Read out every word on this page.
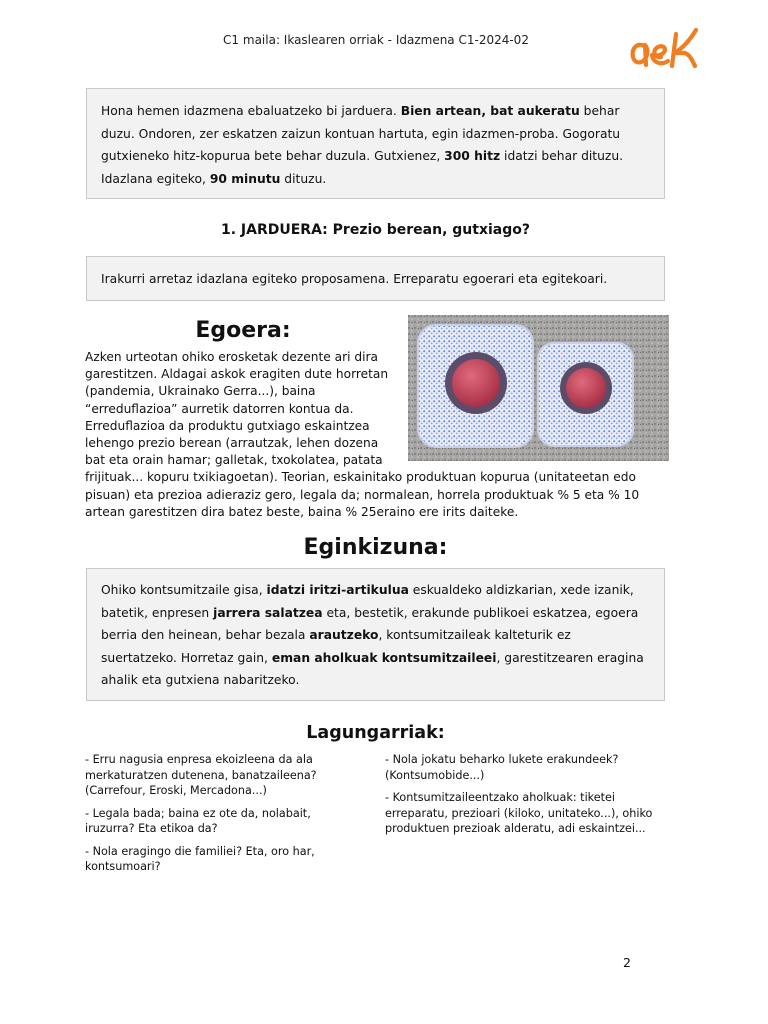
C1 maila: Ikaslearen orriak - Idazmena C1-2024-02

Hona hemen idazmena ebaluatzeko bi jarduera. Bien artean, bat aukeratu behar duzu. Ondoren, zer eskatzen zaizun kontuan hartuta, egin idazmen-proba. Gogoratu gutxieneko hitz-kopurua bete behar duzula. Gutxienez, 300 hitz idatzi behar dituzu. Idazlana egiteko, 90 minutu dituzu.

1. JARDUERA: Prezio berean, gutxiago?

Irakurri arretaz idazlana egiteko proposamena. Erreparatu egoerari eta egitekoari.

Egoera:

Azken urteotan ohiko erosketak dezente ari dira garestitzen. Aldagai askok eragiten dute horretan (pandemia, Ukrainako Gerra...), baina “erreduflazioa” aurretik datorren kontua da. Erreduflazioa da produktu gutxiago eskaintzea lehengo prezio berean (arrautzak, lehen dozena bat eta orain hamar; galletak, txokolatea, patata frijituak... kopuru txikiagoetan). Teorian, eskainitako produktuan kopurua (unitateetan edo pisuan) eta prezioa adieraziz gero, legala da; normalean, horrela produktuak % 5 eta % 10 artean garestitzen dira batez beste, baina % 25eraino ere irits daiteke.

Eginkizuna:

Ohiko kontsumitzaile gisa, idatzi iritzi-artikulua eskualdeko aldizkarian, xede izanik, batetik, enpresen jarrera salatzea eta, bestetik, erakunde publikoei eskatzea, egoera berria den heinean, behar bezala arautzeko, kontsumitzaileak kalteturik ez suertatzeko. Horretaz gain, eman aholkuak kontsumitzaileei, garestitzearen eragina ahalik eta gutxiena nabaritzeko.

Lagungarriak:

- Erru nagusia enpresa ekoizleena da ala merkaturatzen dutenena, banatzaileena? (Carrefour, Eroski, Mercadona...)

- Legala bada; baina ez ote da, nolabait, iruzurra? Eta etikoa da?

- Nola eragingo die familiei? Eta, oro har, kontsumoari?

- Nola jokatu beharko lukete erakundeek? (Kontsumobide...)

- Kontsumitzaileentzako aholkuak: tiketei erreparatu, prezioari (kiloko, unitateko...), ohiko produktuen prezioak alderatu, adi eskaintzei...

2
